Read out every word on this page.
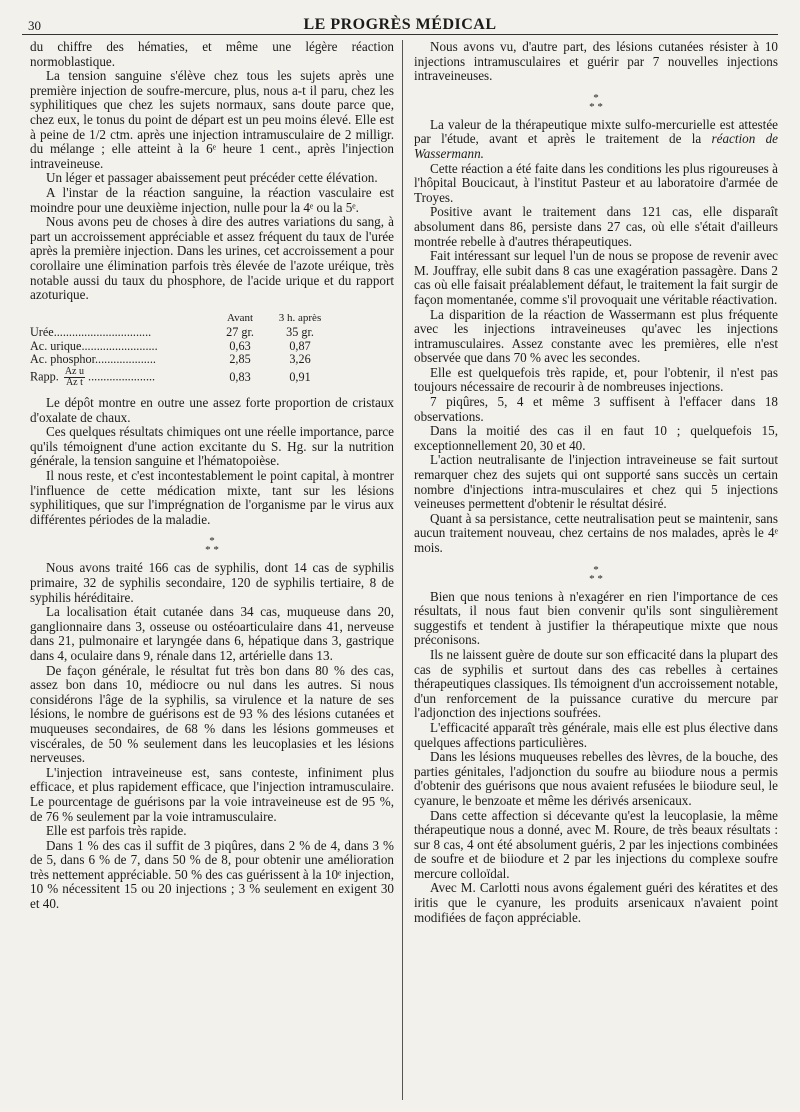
30	LE PROGRÈS MÉDICAL

du chiffre des hématies, et même une légère réaction normoblastique.

La tension sanguine s'élève chez tous les sujets après une première injection de soufre-mercure, plus, nous a-t il paru, chez les syphilitiques que chez les sujets normaux, sans doute parce que, chez eux, le tonus du point de départ est un peu moins élevé. Elle est à peine de 1/2 ctm. après une injection intramusculaire de 2 milligr. du mélange ; elle atteint à la 6ᵉ heure 1 cent., après l'injection intraveineuse.

Un léger et passager abaissement peut précéder cette élévation.

A l'instar de la réaction sanguine, la réaction vasculaire est moindre pour une deuxième injection, nulle pour la 4ᵉ ou la 5ᵉ.

Nous avons peu de choses à dire des autres variations du sang, à part un accroissement appréciable et assez fréquent du taux de l'urée après la première injection. Dans les urines, cet accroissement a pour corollaire une élimination parfois très élevée de l'azote uréique, très notable aussi du taux du phosphore, de l'acide urique et du rapport azoturique.

	Avant	3 h. après
Urée................................	27 gr.	35 gr.
Ac. urique.........................	0,63	0,87
Ac. phosphor....................	2,85	3,26
Rapp. $\frac{\text{Az u}}{\text{Az t}}$ ......................	0,83	0,91

Le dépôt montre en outre une assez forte proportion de cristaux d'oxalate de chaux.

Ces quelques résultats chimiques ont une réelle importance, parce qu'ils témoignent d'une action excitante du S. Hg. sur la nutrition générale, la tension sanguine et l'hématopoièse.

Il nous reste, et c'est incontestablement le point capital, à montrer l'influence de cette médication mixte, tant sur les lésions syphilitiques, que sur l'imprégnation de l'organisme par le virus aux différentes périodes de la maladie.

*
* *

Nous avons traité 166 cas de syphilis, dont 14 cas de syphilis primaire, 32 de syphilis secondaire, 120 de syphilis tertiaire, 8 de syphilis héréditaire.

La localisation était cutanée dans 34 cas, muqueuse dans 20, ganglionnaire dans 3, osseuse ou ostéoarticulaire dans 41, nerveuse dans 21, pulmonaire et laryngée dans 6, hépatique dans 3, gastrique dans 4, oculaire dans 9, rénale dans 12, artérielle dans 13.

De façon générale, le résultat fut très bon dans 80 % des cas, assez bon dans 10, médiocre ou nul dans les autres. Si nous considérons l'âge de la syphilis, sa virulence et la nature de ses lésions, le nombre de guérisons est de 93 % des lésions cutanées et muqueuses secondaires, de 68 % dans les lésions gommeuses et viscérales, de 50 % seulement dans les leucoplasies et les lésions nerveuses.

L'injection intraveineuse est, sans conteste, infiniment plus efficace, et plus rapidement efficace, que l'injection intramusculaire. Le pourcentage de guérisons par la voie intraveineuse est de 95 %, de 76 % seulement par la voie intramusculaire.

Elle est parfois très rapide.

Dans 1 % des cas il suffit de 3 piqûres, dans 2 % de 4, dans 3 % de 5, dans 6 % de 7, dans 50 % de 8, pour obtenir une amélioration très nettement appréciable. 50 % des cas guérissent à la 10ᵉ injection, 10 % nécessitent 15 ou 20 injections ; 3 % seulement en exigent 30 et 40.

Nous avons vu, d'autre part, des lésions cutanées résister à 10 injections intramusculaires et guérir par 7 nouvelles injections intraveineuses.

*
* *

La valeur de la thérapeutique mixte sulfo-mercurielle est attestée par l'étude, avant et après le traitement de la réaction de Wassermann.

Cette réaction a été faite dans les conditions les plus rigoureuses à l'hôpital Boucicaut, à l'institut Pasteur et au laboratoire d'armée de Troyes.

Positive avant le traitement dans 121 cas, elle disparaît absolument dans 86, persiste dans 27 cas, où elle s'était d'ailleurs montrée rebelle à d'autres thérapeutiques.

Fait intéressant sur lequel l'un de nous se propose de revenir avec M. Jouffray, elle subit dans 8 cas une exagération passagère. Dans 2 cas où elle faisait préalablement défaut, le traitement la fait surgir de façon momentanée, comme s'il provoquait une véritable réactivation.

La disparition de la réaction de Wassermann est plus fréquente avec les injections intraveineuses qu'avec les injections intramusculaires. Assez constante avec les premières, elle n'est observée que dans 70 % avec les secondes.

Elle est quelquefois très rapide, et, pour l'obtenir, il n'est pas toujours nécessaire de recourir à de nombreuses injections.

7 piqûres, 5, 4 et même 3 suffisent à l'effacer dans 18 observations.

Dans la moitié des cas il en faut 10 ; quelquefois 15, exceptionnellement 20, 30 et 40.

L'action neutralisante de l'injection intraveineuse se fait surtout remarquer chez des sujets qui ont supporté sans succès un certain nombre d'injections intra-musculaires et chez qui 5 injections veineuses permettent d'obtenir le résultat désiré.

Quant à sa persistance, cette neutralisation peut se maintenir, sans aucun traitement nouveau, chez certains de nos malades, après le 4ᵉ mois.

*
* *

Bien que nous tenions à n'exagérer en rien l'importance de ces résultats, il nous faut bien convenir qu'ils sont singulièrement suggestifs et tendent à justifier la thérapeutique mixte que nous préconisons.

Ils ne laissent guère de doute sur son efficacité dans la plupart des cas de syphilis et surtout dans des cas rebelles à certaines thérapeutiques classiques. Ils témoignent d'un accroissement notable, d'un renforcement de la puissance curative du mercure par l'adjonction des injections soufrées.

L'efficacité apparaît très générale, mais elle est plus élective dans quelques affections particulières.

Dans les lésions muqueuses rebelles des lèvres, de la bouche, des parties génitales, l'adjonction du soufre au biiodure nous a permis d'obtenir des guérisons que nous avaient refusées le biiodure seul, le cyanure, le benzoate et même les dérivés arsenicaux.

Dans cette affection si décevante qu'est la leucoplasie, la même thérapeutique nous a donné, avec M. Roure, de très beaux résultats : sur 8 cas, 4 ont été absolument guéris, 2 par les injections combinées de soufre et de biiodure et 2 par les injections du complexe soufre mercure colloïdal.

Avec M. Carlotti nous avons également guéri des kératites et des iritis que le cyanure, les produits arsenicaux n'avaient point modifiées de façon appréciable.
